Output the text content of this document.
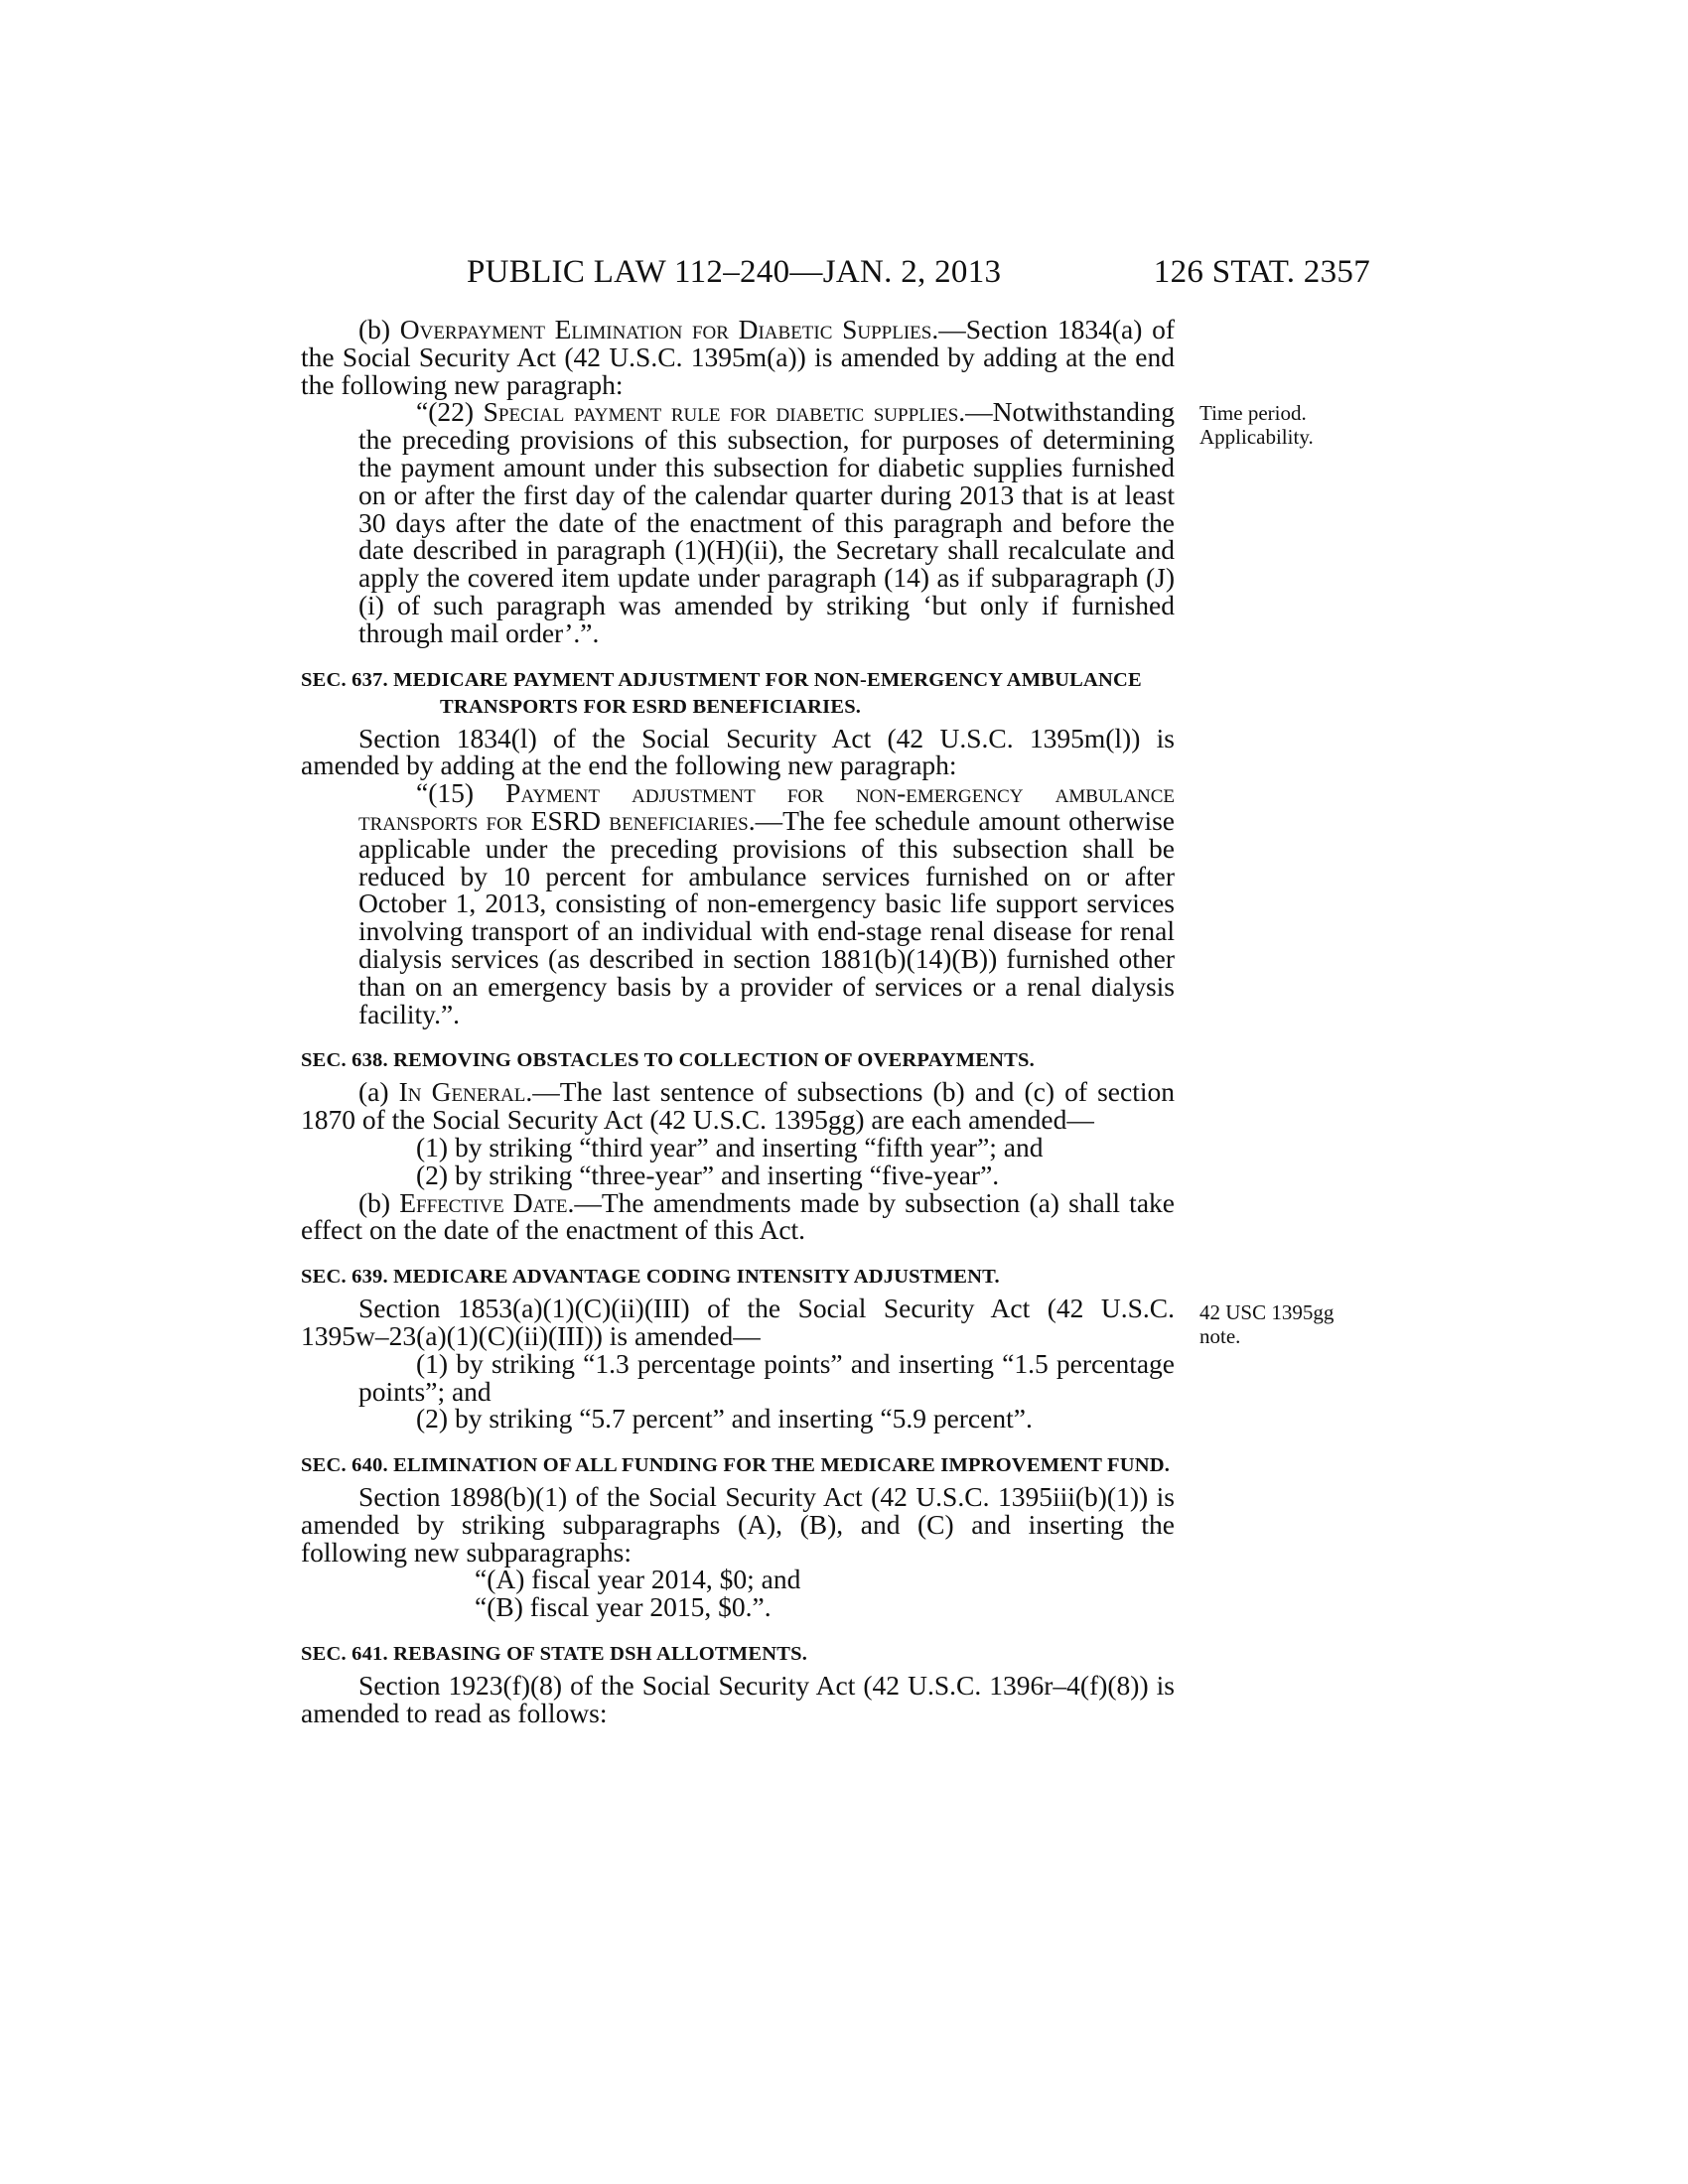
PUBLIC LAW 112–240—JAN. 2, 2013	126 STAT. 2357
Time period.
Applicability.
42 USC 1395gg
note.

(b) Overpayment Elimination for Diabetic Supplies.—Section 1834(a) of the Social Security Act (42 U.S.C. 1395m(a)) is amended by adding at the end the following new paragraph:

“(22) Special payment rule for diabetic supplies.—Notwithstanding the preceding provisions of this subsection, for purposes of determining the payment amount under this subsection for diabetic supplies furnished on or after the first day of the calendar quarter during 2013 that is at least 30 days after the date of the enactment of this paragraph and before the date described in paragraph (1)(H)(ii), the Secretary shall recalculate and apply the covered item update under paragraph (14) as if subparagraph (J)(i) of such paragraph was amended by striking ‘but only if furnished through mail order’.”.

SEC. 637. MEDICARE PAYMENT ADJUSTMENT FOR NON-EMERGENCY AMBULANCE TRANSPORTS FOR ESRD BENEFICIARIES.

Section 1834(l) of the Social Security Act (42 U.S.C. 1395m(l)) is amended by adding at the end the following new paragraph:

“(15) Payment adjustment for non-emergency ambulance transports for ESRD beneficiaries.—The fee schedule amount otherwise applicable under the preceding provisions of this subsection shall be reduced by 10 percent for ambulance services furnished on or after October 1, 2013, consisting of non-emergency basic life support services involving transport of an individual with end-stage renal disease for renal dialysis services (as described in section 1881(b)(14)(B)) furnished other than on an emergency basis by a provider of services or a renal dialysis facility.”.

SEC. 638. REMOVING OBSTACLES TO COLLECTION OF OVERPAYMENTS.

(a) In General.—The last sentence of subsections (b) and (c) of section 1870 of the Social Security Act (42 U.S.C. 1395gg) are each amended—

(1) by striking “third year” and inserting “fifth year”; and

(2) by striking “three-year” and inserting “five-year”.

(b) Effective Date.—The amendments made by subsection (a) shall take effect on the date of the enactment of this Act.

SEC. 639. MEDICARE ADVANTAGE CODING INTENSITY ADJUSTMENT.

Section 1853(a)(1)(C)(ii)(III) of the Social Security Act (42 U.S.C. 1395w–23(a)(1)(C)(ii)(III)) is amended—

(1) by striking “1.3 percentage points” and inserting “1.5 percentage points”; and

(2) by striking “5.7 percent” and inserting “5.9 percent”.

SEC. 640. ELIMINATION OF ALL FUNDING FOR THE MEDICARE IMPROVEMENT FUND.

Section 1898(b)(1) of the Social Security Act (42 U.S.C. 1395iii(b)(1)) is amended by striking subparagraphs (A), (B), and (C) and inserting the following new subparagraphs:

“(A) fiscal year 2014, $0; and

“(B) fiscal year 2015, $0.”.

SEC. 641. REBASING OF STATE DSH ALLOTMENTS.

Section 1923(f)(8) of the Social Security Act (42 U.S.C. 1396r–4(f)(8)) is amended to read as follows:
